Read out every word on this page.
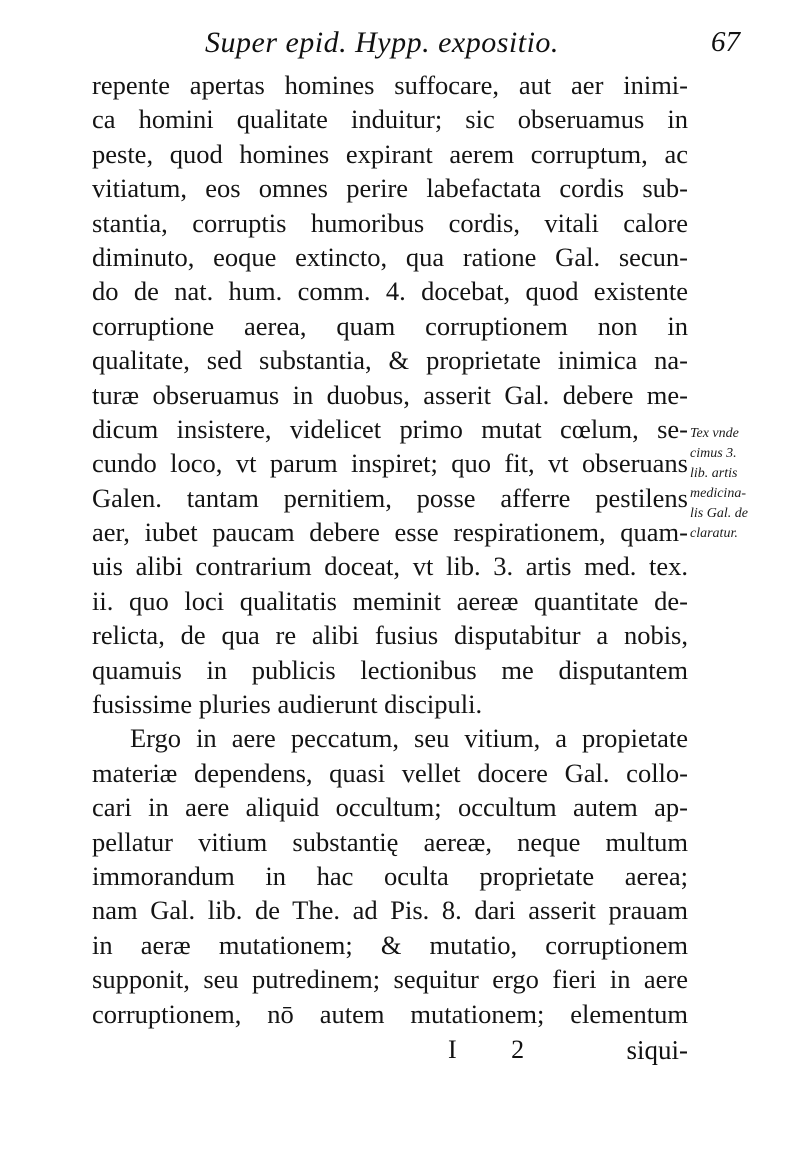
Super epid. Hypp. expositio.	67
repente apertas homines suffocare, aut aer inimi-
ca homini qualitate induitur; sic obseruamus in
peste, quod homines expirant aerem corruptum, ac
vitiatum, eos omnes perire labefactata cordis sub-
stantia, corruptis humoribus cordis, vitali calore
diminuto, eoque extincto, qua ratione Gal. secun-
do de nat. hum. comm. 4. docebat, quod existente
corruptione aerea, quam corruptionem non in
qualitate, sed substantia, & proprietate inimica na-
turæ obseruamus in duobus, asserit Gal. debere me-
dicum insistere, videlicet primo mutat cœlum, se-
cundo loco, vt parum inspiret; quo fit, vt obseruans
Galen. tantam pernitiem, posse afferre pestilens
aer, iubet paucam debere esse respirationem, quam-
uis alibi contrarium doceat, vt lib. 3. artis med. tex.
ii. quo loci qualitatis meminit aereæ quantitate de-
relicta, de qua re alibi fusius disputabitur a nobis,
quamuis in publicis lectionibus me disputantem
fusissime pluries audierunt discipuli.
Ergo in aere peccatum, seu vitium, a propietate
materiæ dependens, quasi vellet docere Gal. collo-
cari in aere aliquid occultum; occultum autem ap-
pellatur vitium substantię aereæ, neque multum
immorandum in hac oculta proprietate aerea;
nam Gal. lib. de The. ad Pis. 8. dari asserit prauam
in aeræ mutationem; & mutatio, corruptionem
supponit, seu putredinem; sequitur ergo fieri in aere
corruptionem, nō autem mutationem; elementum
Tex vnde
cimus 3.
lib. artis
medicina-
lis Gal. de
claratur.
I 2	siqui-
